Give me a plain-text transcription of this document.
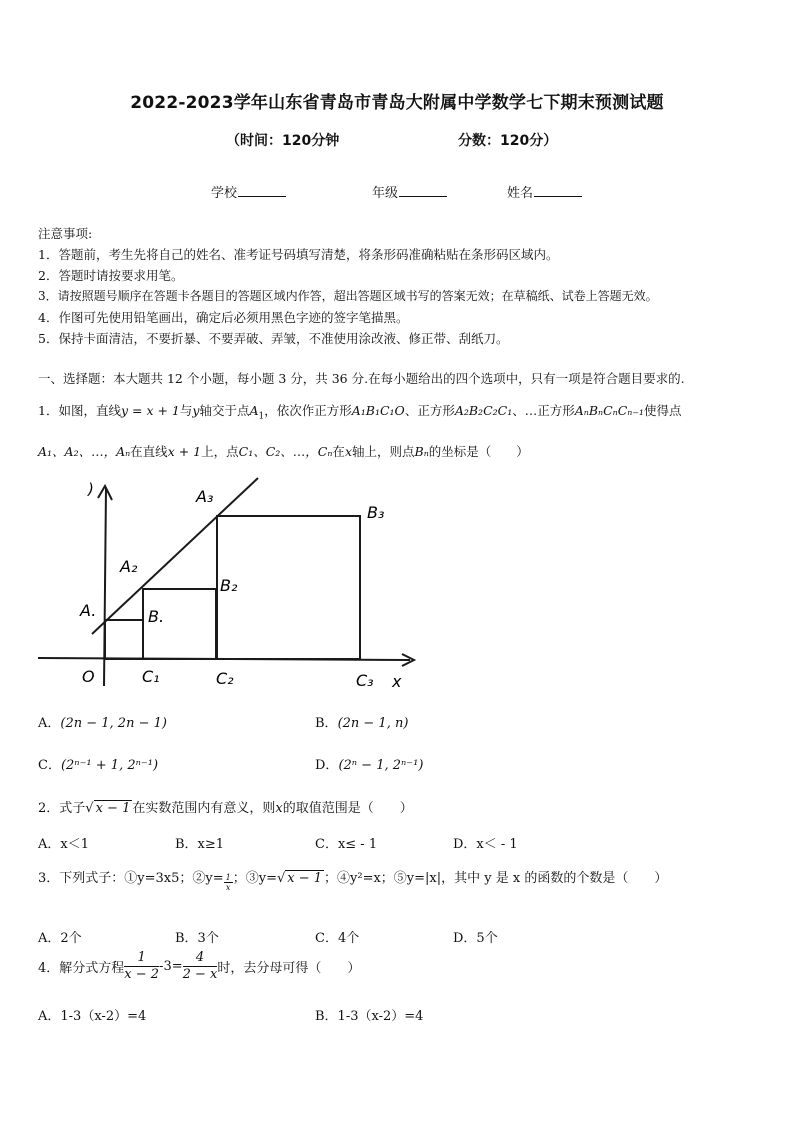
2022-2023学年山东省青岛市青岛大附属中学数学七下期末预测试题
（时间：120分钟	分数：120分）
学校	年级	姓名
注意事项:
1．答题前，考生先将自己的姓名、准考证号码填写清楚，将条形码准确粘贴在条形码区域内。
2．答题时请按要求用笔。
3．请按照题号顺序在答题卡各题目的答题区域内作答，超出答题区域书写的答案无效；在草稿纸、试卷上答题无效。
4．作图可先使用铅笔画出，确定后必须用黑色字迹的签字笔描黑。
5．保持卡面清洁，不要折暴、不要弄破、弄皱，不准使用涂改液、修正带、刮纸刀。
一、选择题：本大题共 12 个小题，每小题 3 分，共 36 分.在每小题给出的四个选项中，只有一项是符合题目要求的.
1．如图，直线y = x + 1与y轴交于点$A_1$，依次作正方形A₁B₁C₁O、正方形A₂B₂C₂C₁、…正方形AₙBₙCₙCₙ₋₁使得点
A₁、A₂、…，Aₙ在直线x + 1上，点C₁、C₂、…，Cₙ在x轴上，则点Bₙ的坐标是（　　）
)
A.
A₂
A₃
B.
B₂
B₃
O	C₁	C₂	C₃ x
A．(2n − 1, 2n − 1)	B．(2n − 1, n)
C．(2ⁿ⁻¹ + 1, 2ⁿ⁻¹)	D．(2ⁿ − 1, 2ⁿ⁻¹)
2．式子√ x − 1 在实数范围内有意义，则x的取值范围是（　　）
A．x＜1	B．x≥1	C．x≤ - 1	D．x＜ - 1
3．下列式子：①y=3x5；②y= $\frac{1}{x}$ ；③y=√ x − 1 ；④y²=x；⑤y=|x|，其中 y 是 x 的函数的个数是（　　）
A．2个	B．3个	C．4个	D．5个
4．解分式方程 $\frac{1}{x - 2} -3= \frac{4}{2 - x}$ 时，去分母可得（　　）
A．1-3（x-2）=4	B．1-3（x-2）=4
